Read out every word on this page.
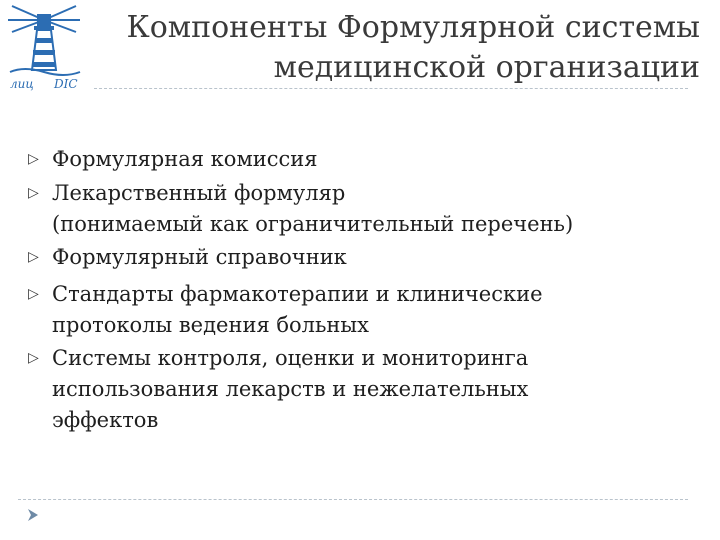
лиц DIC
Компоненты Формулярной системы
медицинской организации
▷ Формулярная комиссия
▷ Лекарственный формуляр
(понимаемый как ограничительный перечень)
▷ Формулярный справочник
▷ Стандарты фармакотерапии и клинические
протоколы ведения больных
▷ Системы контроля, оценки и мониторинга
использования лекарств и нежелательных
эффектов
